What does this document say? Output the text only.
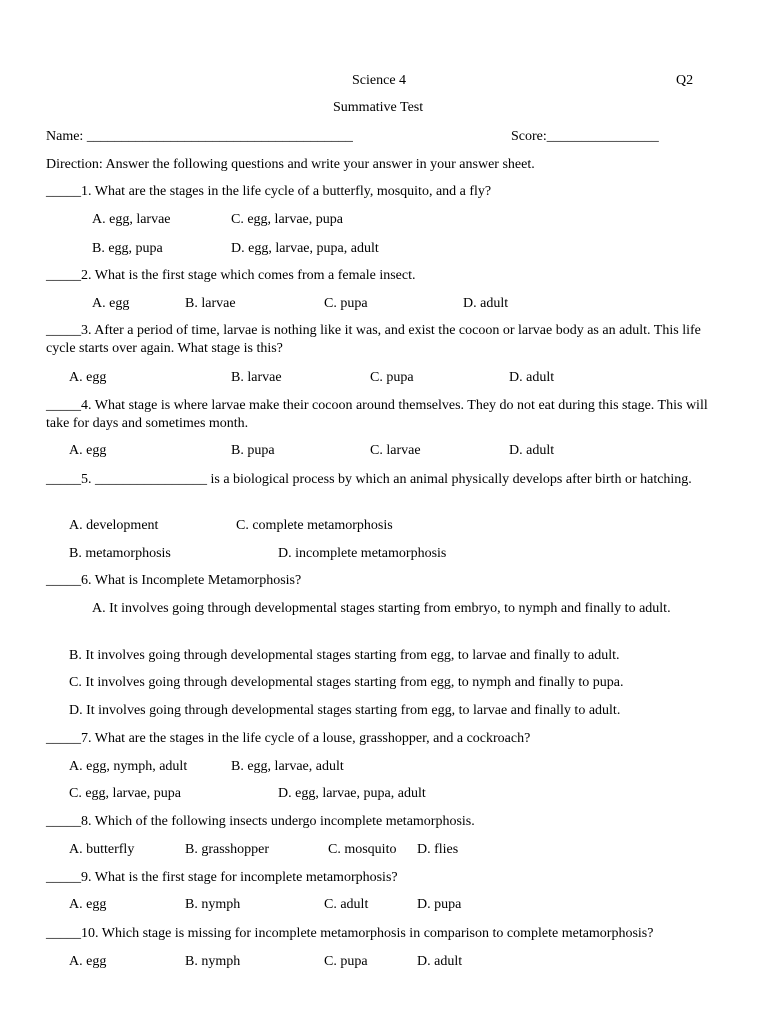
Science 4	Q2
Summative Test
Name: ______________________________________	Score:________________
Direction: Answer the following questions and write your answer in your answer sheet.
_____1. What are the stages in the life cycle of a butterfly, mosquito, and a fly?
A. egg, larvae	C. egg, larvae, pupa
B. egg, pupa	D. egg, larvae, pupa, adult
_____2. What is the first stage which comes from a female insect.
A. egg	B. larvae	C. pupa	D. adult
_____3. After a period of time, larvae is nothing like it was, and exist the cocoon or larvae body as an adult. This life cycle starts over again. What stage is this?
A. egg	B. larvae	C. pupa	D. adult
_____4. What stage is where larvae make their cocoon around themselves. They do not eat during this stage. This will take for days and sometimes month.
A. egg	B. pupa	C. larvae	D. adult
_____5. ________________ is a biological process by which an animal physically develops after birth or hatching.
A. development	C. complete metamorphosis
B. metamorphosis	D. incomplete metamorphosis
_____6. What is Incomplete Metamorphosis?
A. It involves going through developmental stages starting from embryo, to nymph and finally to adult.
B. It involves going through developmental stages starting from egg, to larvae and finally to adult.
C. It involves going through developmental stages starting from egg, to nymph and finally to pupa.
D. It involves going through developmental stages starting from egg, to larvae and finally to adult.
_____7. What are the stages in the life cycle of a louse, grasshopper, and a cockroach?
A. egg, nymph, adult	B. egg, larvae, adult
C. egg, larvae, pupa	D. egg, larvae, pupa, adult
_____8. Which of the following insects undergo incomplete metamorphosis.
A. butterfly	B. grasshopper	C. mosquito D. flies
_____9. What is the first stage for incomplete metamorphosis?
A. egg	B. nymph	C. adult	D. pupa
_____10. Which stage is missing for incomplete metamorphosis in comparison to complete metamorphosis?
A. egg	B. nymph	C. pupa	D. adult
